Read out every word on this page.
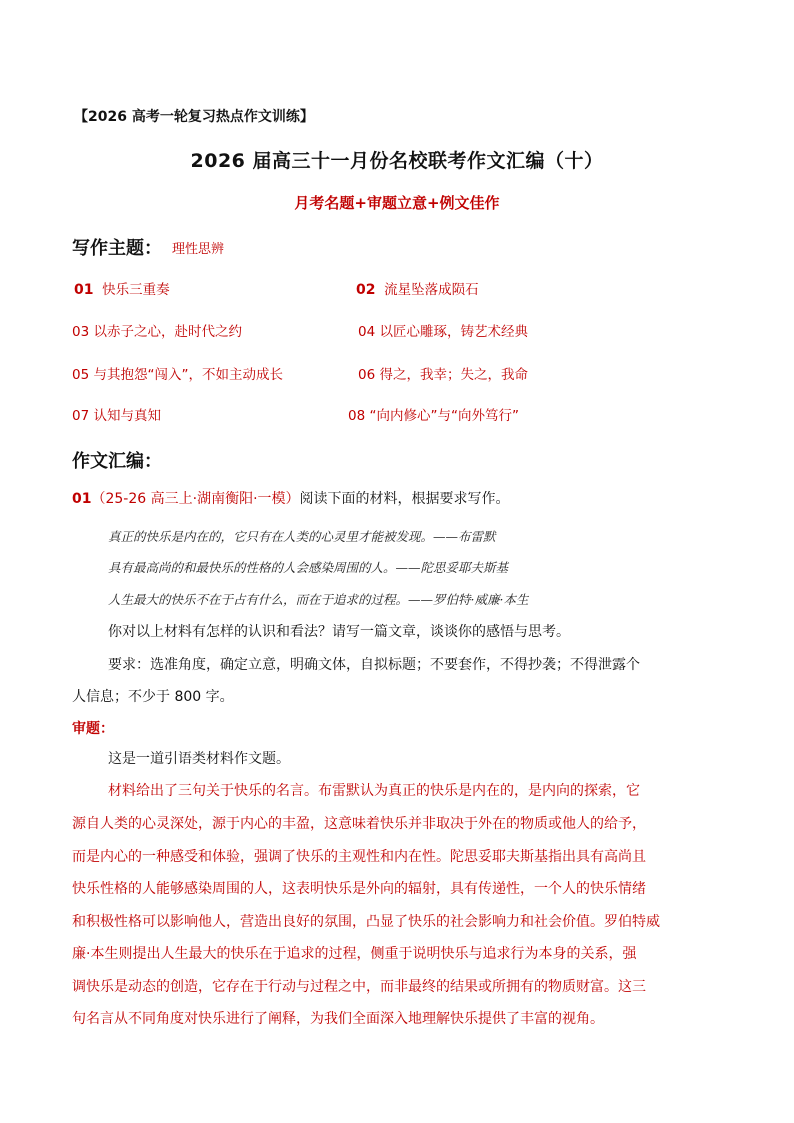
【2026 高考一轮复习热点作文训练】
2026 届高三十一月份名校联考作文汇编（十）
月考名题+审题立意+例文佳作
写作主题： 理性思辨
01 快乐三重奏	02 流星坠落成陨石
03 以赤子之心，赴时代之约	04 以匠心雕琢，铸艺术经典
05 与其抱怨“闯入”，不如主动成长	06 得之，我幸；失之，我命
07 认知与真知	08 “向内修心”与“向外笃行”
作文汇编：
01（25-26 高三上·湖南衡阳·一模）阅读下面的材料，根据要求写作。
真正的快乐是内在的，它只有在人类的心灵里才能被发现。——布雷默
具有最高尚的和最快乐的性格的人会感染周围的人。——陀思妥耶夫斯基
人生最大的快乐不在于占有什么，而在于追求的过程。——罗伯特·威廉·本生
你对以上材料有怎样的认识和看法？请写一篇文章，谈谈你的感悟与思考。
要求：选准角度，确定立意，明确文体，自拟标题；不要套作，不得抄袭；不得泄露个
人信息；不少于 800 字。
审题：
这是一道引语类材料作文题。
材料给出了三句关于快乐的名言。布雷默认为真正的快乐是内在的，是内向的探索，它
源自人类的心灵深处，源于内心的丰盈，这意味着快乐并非取决于外在的物质或他人的给予，
而是内心的一种感受和体验，强调了快乐的主观性和内在性。陀思妥耶夫斯基指出具有高尚且
快乐性格的人能够感染周围的人，这表明快乐是外向的辐射，具有传递性，一个人的快乐情绪
和积极性格可以影响他人，营造出良好的氛围，凸显了快乐的社会影响力和社会价值。罗伯特威
廉·本生则提出人生最大的快乐在于追求的过程，侧重于说明快乐与追求行为本身的关系，强
调快乐是动态的创造，它存在于行动与过程之中，而非最终的结果或所拥有的物质财富。这三
句名言从不同角度对快乐进行了阐释，为我们全面深入地理解快乐提供了丰富的视角。
